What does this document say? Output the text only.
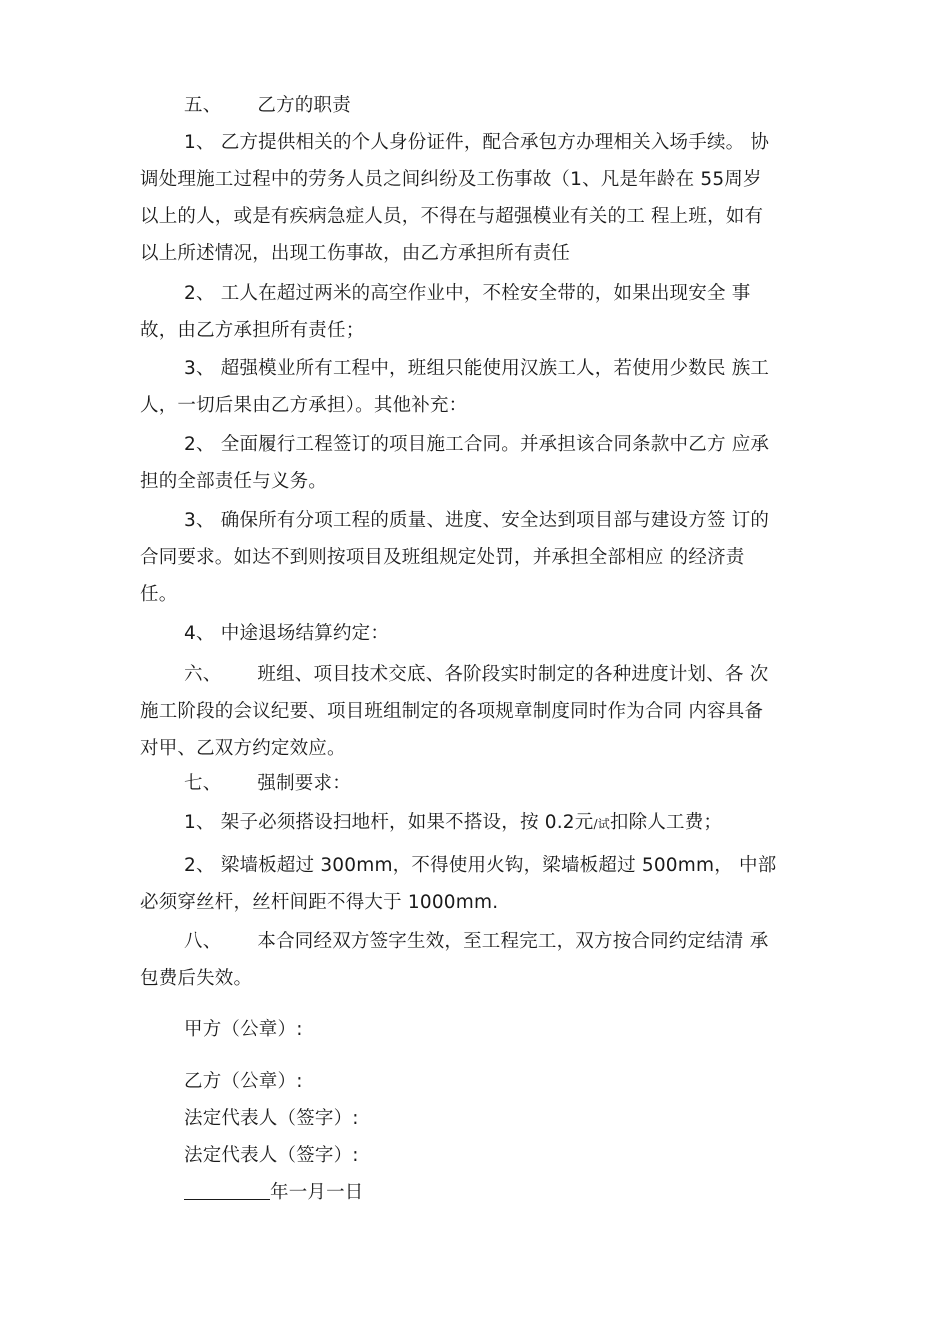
五、 乙方的职责
1、 乙方提供相关的个人身份证件，配合承包方办理相关入场手续。 协
调处理施工过程中的劳务人员之间纠纷及工伤事故（1、凡是年龄在 55周岁
以上的人，或是有疾病急症人员，不得在与超强模业有关的工 程上班，如有
以上所述情况，出现工伤事故，由乙方承担所有责任
2、 工人在超过两米的高空作业中，不栓安全带的，如果出现安全 事
故，由乙方承担所有责任；
3、 超强模业所有工程中，班组只能使用汉族工人，若使用少数民 族工
人，一切后果由乙方承担）。其他补充：
2、 全面履行工程签订的项目施工合同。并承担该合同条款中乙方 应承
担的全部责任与义务。
3、 确保所有分项工程的质量、进度、安全达到项目部与建设方签 订的
合同要求。如达不到则按项目及班组规定处罚，并承担全部相应 的经济责
任。
4、 中途退场结算约定：
六、 班组、项目技术交底、各阶段实时制定的各种进度计划、各 次
施工阶段的会议纪要、项目班组制定的各项规章制度同时作为合同 内容具备
对甲、乙双方约定效应。
七、 强制要求：
1、 架子必须搭设扫地杆，如果不搭设，按 0.2元/试扣除人工费；
2、 梁墙板超过 300mm，不得使用火钩，梁墙板超过 500mm， 中部
必须穿丝杆，丝杆间距不得大于 1000mm.
八、 本合同经双方签字生效，至工程完工，双方按合同约定结清 承
包费后失效。
甲方（公章）:
乙方（公章）:
法定代表人（签字）:
法定代表人（签字）:
年一月一日
